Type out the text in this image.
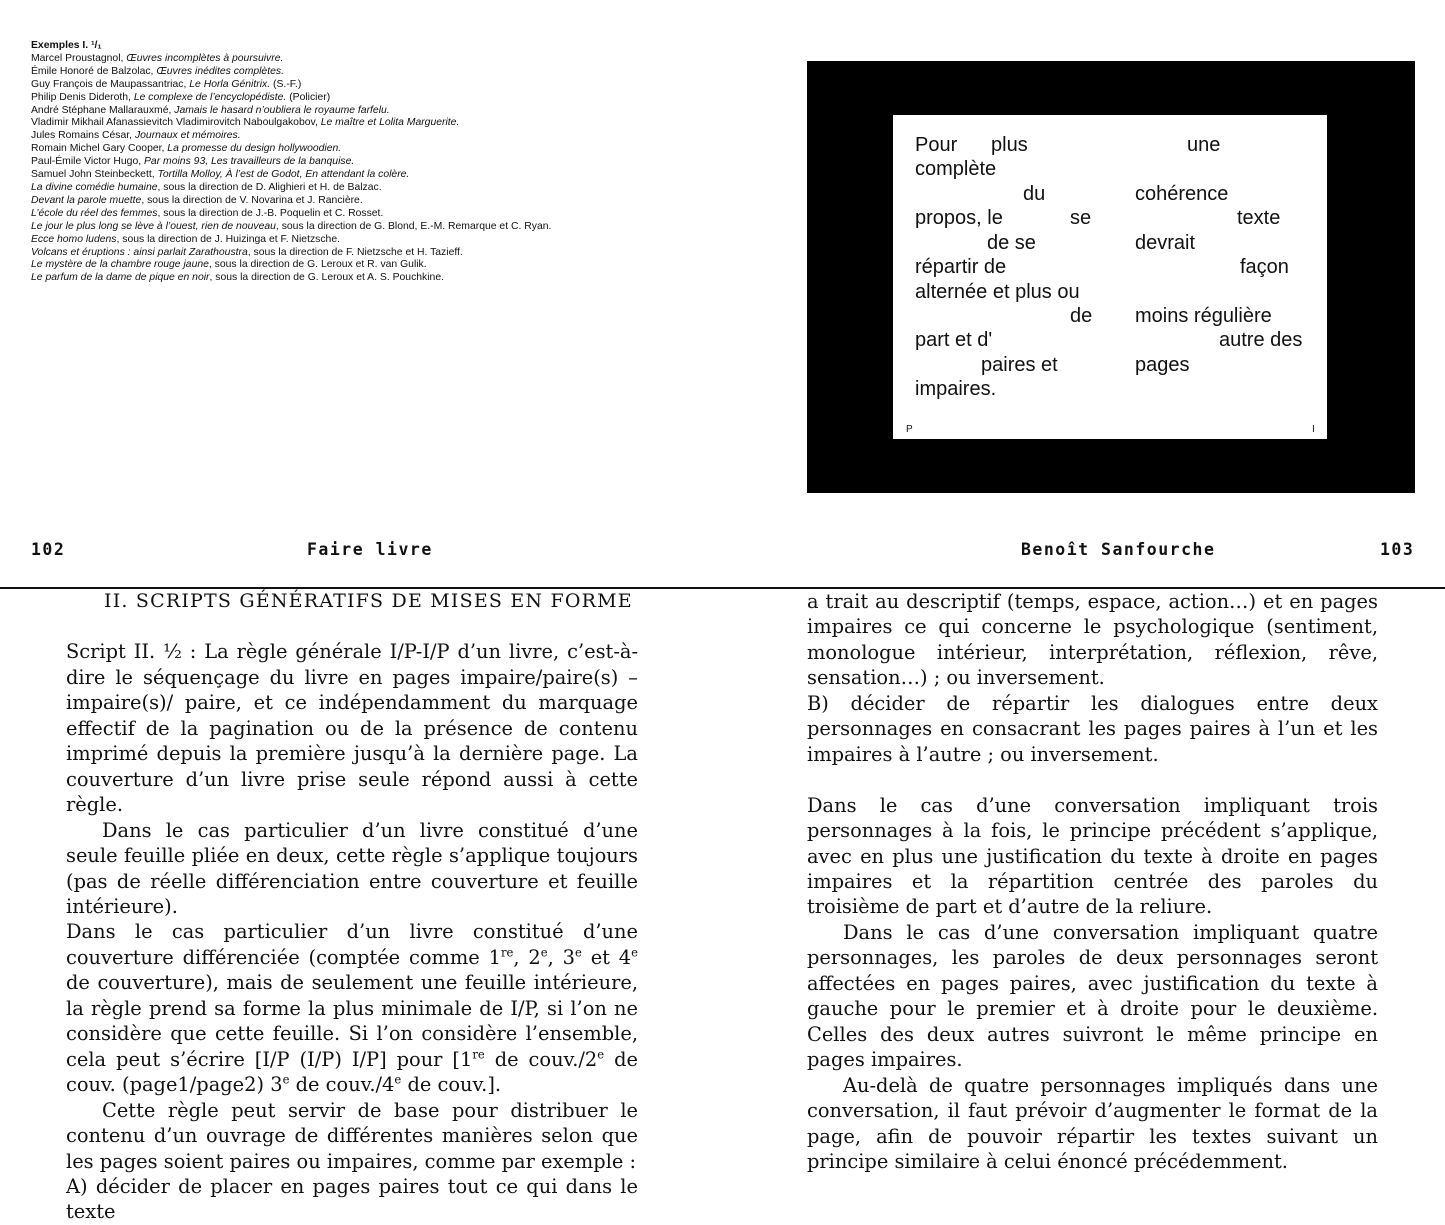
Exemples I. ¹/₁
Marcel Proustagnol, Œuvres incomplètes à poursuivre.
Émile Honoré de Balzolac, Œuvres inédites complètes.
Guy François de Maupassantriac, Le Horla Génitrix. (S.-F.)
Philip Denis Dideroth, Le complexe de l’encyclopédiste. (Policier)
André Stéphane Mallarauxmé, Jamais le hasard n’oubliera le royaume farfelu.
Vladimir Mikhail Afanassievitch Vladimirovitch Naboulgakobov, Le maître et Lolita Marguerite.
Jules Romains César, Journaux et mémoires.
Romain Michel Gary Cooper, La promesse du design hollywoodien.
Paul-Émile Victor Hugo, Par moins 93, Les travailleurs de la banquise.
Samuel John Steinbeckett, Tortilla Molloy, À l’est de Godot, En attendant la colère.
La divine comédie humaine, sous la direction de D. Alighieri et H. de Balzac.
Devant la parole muette, sous la direction de V. Novarina et J. Rancière.
L’école du réel des femmes, sous la direction de J.-B. Poquelin et C. Rosset.
Le jour le plus long se lève à l’ouest, rien de nouveau, sous la direction de G. Blond, E.-M. Remarque et C. Ryan.
Ecce homo ludens, sous la direction de J. Huizinga et F. Nietzsche.
Volcans et éruptions : ainsi parlait Zarathoustra, sous la direction de F. Nietzsche et H. Tazieff.
Le mystère de la chambre rouge jaune, sous la direction de G. Leroux et R. van Gulik.
Le parfum de la dame de pique en noir, sous la direction de G. Leroux et A. S. Pouchkine.
Pour plus	une
complète
du	cohérence
propos, le	se	texte
de se	devrait
répartir de	façon
alternée et plus ou
de moins régulière
part et d'	autre des
paires et	pages
impaires.
P	I
102	Faire livre	Benoît Sanfourche	103
II. SCRIPTS GÉNÉRATIFS DE MISES EN FORME

Script II. ½ : La règle générale I/P-I/P d’un livre, c’est-à-dire le séquençage du livre en pages impaire/paire(s) – impaire(s)/ paire, et ce indépendamment du marquage effectif de la pagination ou de la présence de contenu imprimé depuis la première jusqu’à la dernière page. La couverture d’un livre prise seule répond aussi à cette règle.

Dans le cas particulier d’un livre constitué d’une seule feuille pliée en deux, cette règle s’applique toujours (pas de réelle différenciation entre couverture et feuille intérieure).

Dans le cas particulier d’un livre constitué d’une couverture différenciée (comptée comme 1re, 2e, 3e et 4e de couverture), mais de seulement une feuille intérieure, la règle prend sa forme la plus minimale de I/P, si l’on ne considère que cette feuille. Si l’on considère l’ensemble, cela peut s’écrire [I/P (I/P) I/P] pour [1re de couv./2e de couv. (page1/page2) 3e de couv./4e de couv.].

Cette règle peut servir de base pour distribuer le contenu d’un ouvrage de différentes manières selon que les pages soient paires ou impaires, comme par exemple :

A) décider de placer en pages paires tout ce qui dans le texte

a trait au descriptif (temps, espace, action…) et en pages impaires ce qui concerne le psychologique (sentiment, monologue intérieur, interprétation, réflexion, rêve, sensation…) ; ou inversement.

B) décider de répartir les dialogues entre deux personnages en consacrant les pages paires à l’un et les impaires à l’autre ; ou inversement.

Dans le cas d’une conversation impliquant trois personnages à la fois, le principe précédent s’applique, avec en plus une justification du texte à droite en pages impaires et la répartition centrée des paroles du troisième de part et d’autre de la reliure.

Dans le cas d’une conversation impliquant quatre personnages, les paroles de deux personnages seront affectées en pages paires, avec justification du texte à gauche pour le premier et à droite pour le deuxième. Celles des deux autres suivront le même principe en pages impaires.

Au-delà de quatre personnages impliqués dans une conversation, il faut prévoir d’augmenter le format de la page, afin de pouvoir répartir les textes suivant un principe similaire à celui énoncé précédemment.
